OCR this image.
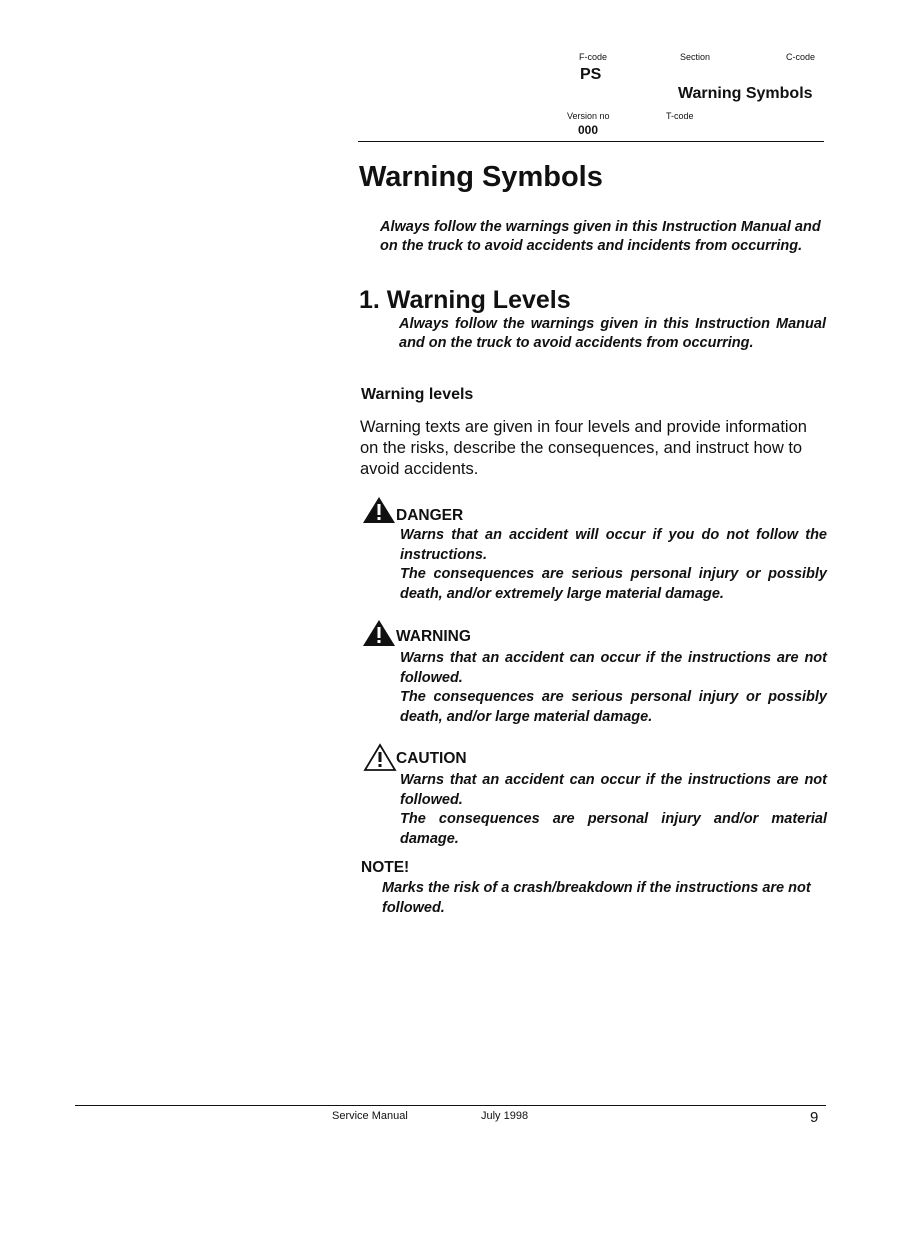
F-code
PS
Section	C-code
Warning Symbols
Version no	T-code
000
Warning Symbols
Always follow the warnings given in this Instruction Manual and on the truck to avoid accidents and incidents from occurring.
1. Warning Levels
Always follow the warnings given in this Instruction Manual and on the truck to avoid accidents from occurring.
Warning levels
Warning texts are given in four levels and provide information on the risks, describe the consequences, and instruct how to avoid accidents.
DANGER
Warns that an accident will occur if you do not follow the instructions.
The consequences are serious personal injury or possibly death, and/or extremely large material damage.
WARNING
Warns that an accident can occur if the instructions are not followed.
The consequences are serious personal injury or possibly death, and/or large material damage.
CAUTION
Warns that an accident can occur if the instructions are not followed.
The consequences are personal injury and/or material damage.
NOTE!
Marks the risk of a crash/breakdown if the instructions are not followed.
Service Manual	July 1998	9
